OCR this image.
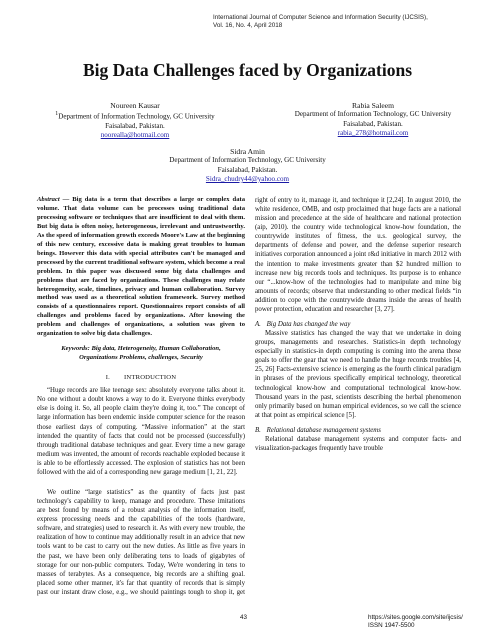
International Journal of Computer Science and Information Security (IJCSIS),
Vol. 16, No. 4, April 2018
Big Data Challenges faced by Organizations
Noureen Kausar
$^1$Department of Information Technology, GC University
Faisalabad, Pakistan.
noorealla@hotmail.com
Rabia Saleem
Department of Information Technology, GC University
Faisalabad, Pakistan.
rabia_278@hotmail.com
Sidra Amin
Department of Information Technology, GC University
Faisalabad, Pakistan.
Sidra_chudry44@yahoo.com
Abstract — Big data is a term that describes a large or complex data volume. That data volume can be processes using traditional data processing software or techniques that are insufficient to deal with them. But big data is often noisy, heterogeneous, irrelevant and untrustworthy. As the speed of information growth exceeds Moore's Law at the beginning of this new century, excessive data is making great troubles to human beings. However this data with special attributes can't be managed and processed by the current traditional software system, which become a real problem. In this paper was discussed some big data challenges and problems that are faced by organizations. These challenges may relate heterogeneity, scale, timelines, privacy and human collaboration. Survey method was used as a theoretical solution framework. Survey method consists of a questionnaires report. Questionnaires report consists of all challenges and problems faced by organizations. After knowing the problem and challenges of organizations, a solution was given to organization to solve big data challenges.
Keywords: Big data, Heterogeneity, Human Collaboration, Organizations Problems, challenges, Security
I. INTRODUCTION

“Huge records are like teenage sex: absolutely everyone talks about it. No one without a doubt knows a way to do it. Everyone thinks everybody else is doing it. So, all people claim they're doing it, too.” The concept of large information has been endemic inside computer science for the reason those earliest days of computing. “Massive information” at the start intended the quantity of facts that could not be processed (successfully) through traditional database techniques and gear. Every time a new garage medium was invented, the amount of records reachable exploded because it is able to be effortlessly accessed. The explosion of statistics has not been followed with the aid of a corresponding new garage medium [1, 21, 22].

We outline “large statistics” as the quantity of facts just past technology's capability to keep, manage and procedure. These imitations are best found by means of a robust analysis of the information itself, express processing needs and the capabilities of the tools (hardware, software, and strategies) used to research it. As with every new trouble, the realization of how to continue may additionally result in an advice that new tools want to be cast to carry out the new duties. As little as five years in the past, we have been only deliberating tens to loads of gigabytes of storage for our non-public computers. Today, We're wondering in tens to masses of terabytes. As a consequence, big records are a shifting goal. placed some other manner, it's far that quantity of records that is simply past our instant draw close, e.g., we should paintings tough to shop it, get

right of entry to it, manage it, and technique it [2,24]. In august 2010, the white residence, OMB, and ostp proclaimed that huge facts are a national mission and precedence at the side of healthcare and national protection (aip, 2010). the country wide technological know-how foundation, the countrywide institutes of fitness, the u.s. geological survey, the departments of defense and power, and the defense superior research initiatives corporation announced a joint r&d initiative in march 2012 with the intention to make investments greater than $2 hundred million to increase new big records tools and techniques. Its purpose is to enhance our “...know-how of the technologies had to manipulate and mine big amounts of records; observe that understanding to other medical fields “in addition to cope with the countrywide dreams inside the areas of health power protection, education and researcher [3, 27].
A. Big Data has changed the way

Massive statistics has changed the way that we undertake in doing groups, managements and researches. Statistics-in depth technology especially in statistics-in depth computing is coming into the arena those goals to offer the gear that we need to handle the huge records troubles [4, 25, 26] Facts-extensive science is emerging as the fourth clinical paradigm in phrases of the previous specifically empirical technology, theoretical technological know-how and computational technological know-how. Thousand years in the past, scientists describing the herbal phenomenon only primarily based on human empirical evidences, so we call the science at that point as empirical science [5].

B. Relational database management systems

Relational database management systems and computer facts- and visualization-packages frequently have trouble

43	https://sites.google.com/site/ijcsis/
ISSN 1947-5500
